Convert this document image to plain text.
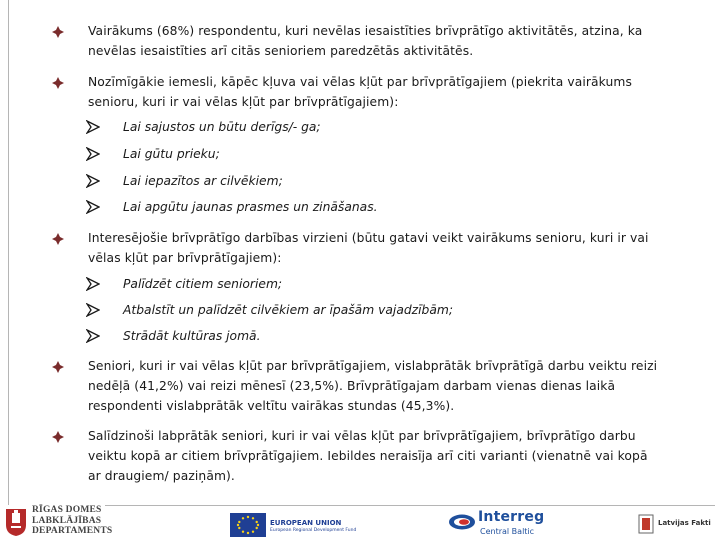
Vairākums (68%) respondentu, kuri nevēlas iesaistīties brīvprātīgo aktivitātēs, atzina, ka nevēlas iesaistīties arī citās senioriem paredzētās aktivitātēs.
Nozīmīgākie iemesli, kāpēc kļuva vai vēlas kļūt par brīvprātīgajiem (piekrita vairākums senioru, kuri ir vai vēlas kļūt par brīvprātīgajiem):
Lai sajustos un būtu derīgs/- ga;
Lai gūtu prieku;
Lai iepazītos ar cilvēkiem;
Lai apgūtu jaunas prasmes un zināšanas.
Interesējošie brīvprātīgo darbības virzieni (būtu gatavi veikt vairākums senioru, kuri ir vai vēlas kļūt par brīvprātīgajiem):
Palīdzēt citiem senioriem;
Atbalstīt un palīdzēt cilvēkiem ar īpašām vajadzībām;
Strādāt kultūras jomā.
Seniori, kuri ir vai vēlas kļūt par brīvprātīgajiem, vislabprātāk brīvprātīgā darbu veiktu reizi nedēļā (41,2%) vai reizi mēnesī (23,5%). Brīvprātīgajam darbam vienas dienas laikā respondenti vislabprātāk veltītu vairākas stundas (45,3%).
Salīdzinoši labprātāk seniori, kuri ir vai vēlas kļūt par brīvprātīgajiem, brīvprātīgo darbu veiktu kopā ar citiem brīvprātīgajiem. Iebildes neraisīja arī citi varianti (vienatnē vai kopā ar draugiem/ paziņām).
RĪGAS DOMES
LABKLĀJĪBAS
DEPARTAMENTS
EUROPEAN UNION
European Regional Development Fund
Interreg
Central Baltic
Latvijas Fakti
